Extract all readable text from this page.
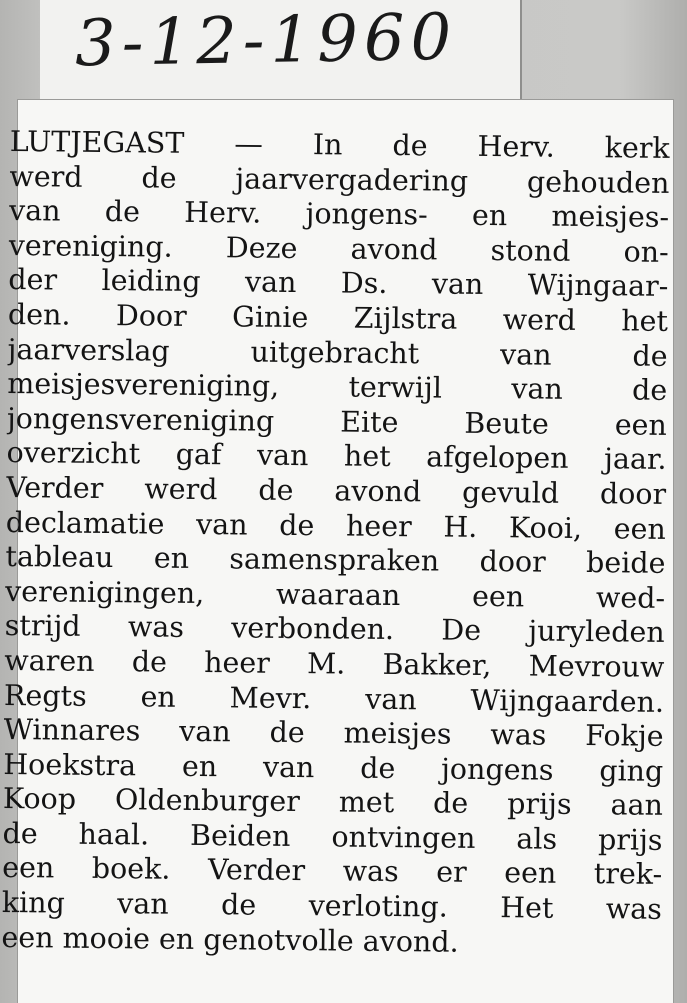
3-12-1960
LUTJEGAST — In de Herv. kerk
werd de jaarvergadering gehouden
van de Herv. jongens- en meisjes-
vereniging. Deze avond stond on-
der leiding van Ds. van Wijngaar-
den. Door Ginie Zijlstra werd het
jaarverslag uitgebracht van de
meisjesvereniging, terwijl van de
jongensvereniging Eite Beute een
overzicht gaf van het afgelopen jaar.
Verder werd de avond gevuld door
declamatie van de heer H. Kooi, een
tableau en samenspraken door beide
verenigingen, waaraan een wed-
strijd was verbonden. De juryleden
waren de heer M. Bakker, Mevrouw
Regts en Mevr. van Wijngaarden.
Winnares van de meisjes was Fokje
Hoekstra en van de jongens ging
Koop Oldenburger met de prijs aan
de haal. Beiden ontvingen als prijs
een boek. Verder was er een trek-
king van de verloting. Het was
een mooie en genotvolle avond.
